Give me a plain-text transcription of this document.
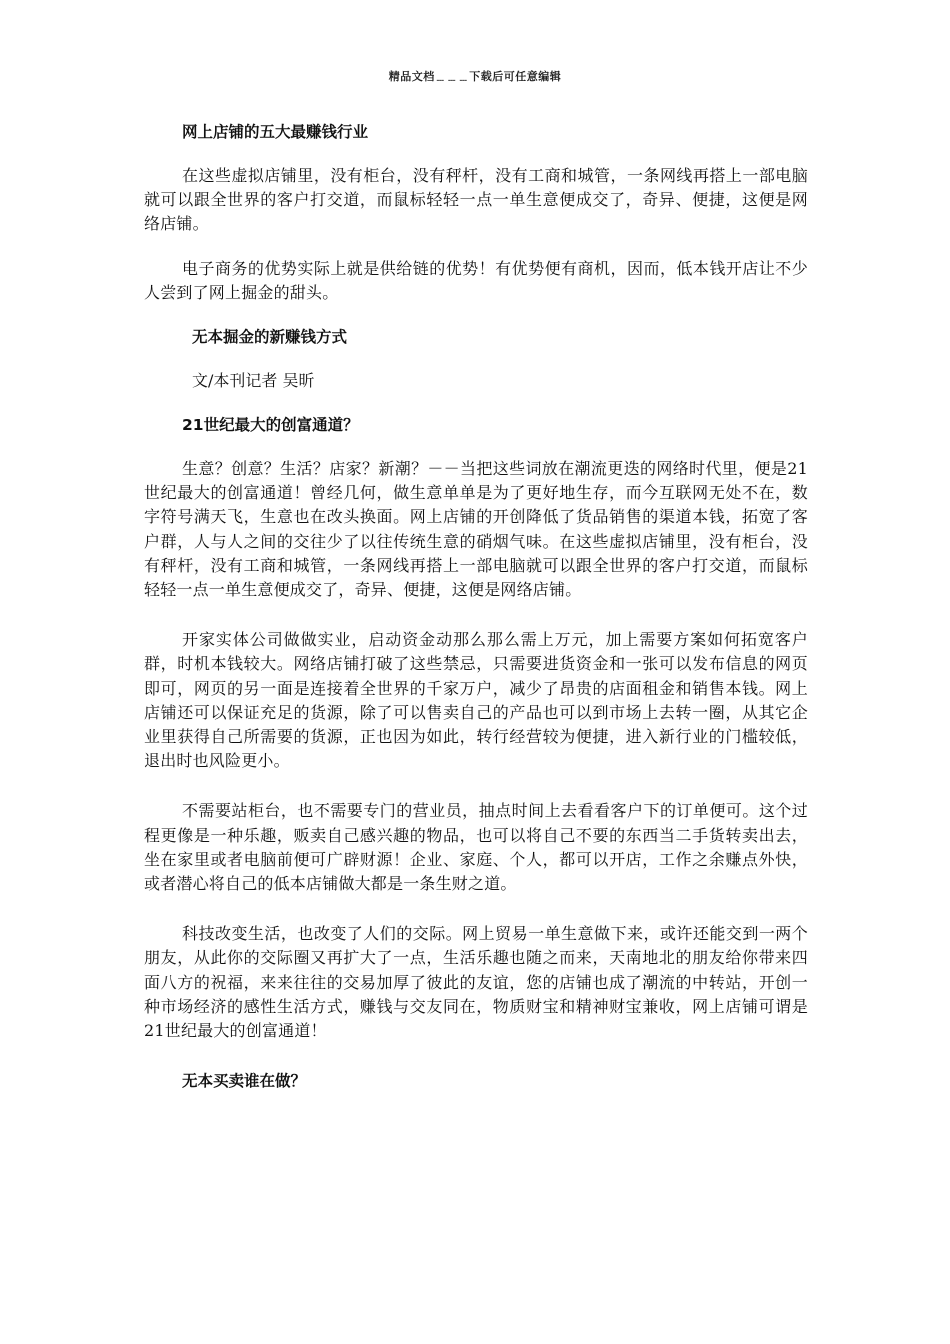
精品文档﹍﹍﹍下载后可任意编辑
网上店铺的五大最赚钱行业

在这些虚拟店铺里，没有柜台，没有秤杆，没有工商和城管，一条网线再搭上一部电脑就可以跟全世界的客户打交道，而鼠标轻轻一点一单生意便成交了，奇异、便捷，这便是网络店铺。

电子商务的优势实际上就是供给链的优势！有优势便有商机，因而，低本钱开店让不少人尝到了网上掘金的甜头。

无本掘金的新赚钱方式
文/本刊记者 吴昕
21世纪最大的创富通道？

生意？创意？生活？店家？新潮？－－当把这些词放在潮流更迭的网络时代里，便是21世纪最大的创富通道！曾经几何，做生意单单是为了更好地生存，而今互联网无处不在，数字符号满天飞，生意也在改头换面。网上店铺的开创降低了货品销售的渠道本钱，拓宽了客户群，人与人之间的交往少了以往传统生意的硝烟气味。在这些虚拟店铺里，没有柜台，没有秤杆，没有工商和城管，一条网线再搭上一部电脑就可以跟全世界的客户打交道，而鼠标轻轻一点一单生意便成交了，奇异、便捷，这便是网络店铺。

开家实体公司做做实业，启动资金动那么那么需上万元，加上需要方案如何拓宽客户群，时机本钱较大。网络店铺打破了这些禁忌，只需要进货资金和一张可以发布信息的网页即可，网页的另一面是连接着全世界的千家万户，减少了昂贵的店面租金和销售本钱。网上店铺还可以保证充足的货源，除了可以售卖自己的产品也可以到市场上去转一圈，从其它企业里获得自己所需要的货源，正也因为如此，转行经营较为便捷，进入新行业的门槛较低，退出时也风险更小。

不需要站柜台，也不需要专门的营业员，抽点时间上去看看客户下的订单便可。这个过程更像是一种乐趣，贩卖自己感兴趣的物品，也可以将自己不要的东西当二手货转卖出去，坐在家里或者电脑前便可广辟财源！企业、家庭、个人，都可以开店，工作之余赚点外快，或者潜心将自己的低本店铺做大都是一条生财之道。

科技改变生活，也改变了人们的交际。网上贸易一单生意做下来，或许还能交到一两个朋友，从此你的交际圈又再扩大了一点，生活乐趣也随之而来，天南地北的朋友给你带来四面八方的祝福，来来往往的交易加厚了彼此的友谊，您的店铺也成了潮流的中转站，开创一种市场经济的感性生活方式，赚钱与交友同在，物质财宝和精神财宝兼收，网上店铺可谓是21世纪最大的创富通道！

无本买卖谁在做？
